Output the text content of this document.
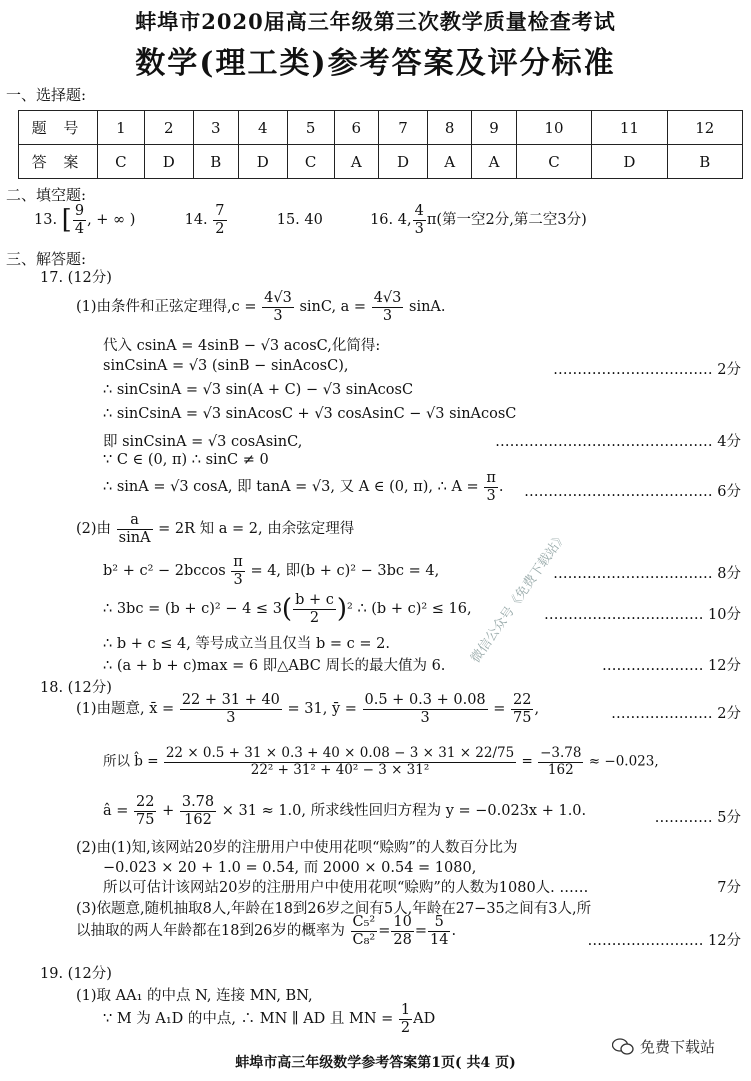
蚌埠市2020届高三年级第三次教学质量检查考试
数学(理工类)参考答案及评分标准
一、选择题:
题 号	1	2	3	4	5	6	7	8	9	10	11	12
答 案	C	D	B	D	C	A	D	A	A	C	D	B
二、填空题:
13. [ $\frac{9}{4}$ , + ∞ )	14. $\frac{7}{2}$	15. 40	16. 4, $\frac{4}{3} \pi$(第一空2分,第二空3分)
三、解答题:
17. (12分)
(1)由条件和正弦定理得$,c = \frac{4√3}{3} \sin C$, $a = \frac{4√3}{3} \sin A$.
代入 csinA = 4sinB − √3 acosC,化简得:
sinCsinA = √3 (sinB − sinAcosC),	…………………………… 2分
∴ sinCsinA = √3 sin(A + C) − √3 sinAcosC
∴ sinCsinA = √3 sinAcosC + √3 cosAsinC − √3 sinAcosC
即 sinCsinA = √3 cosAsinC,	……………………………………… 4分
∵ C ∈ (0, π) ∴ sinC ≠ 0
∴ sinA = √3 cosA, 即 tanA = √3, 又 A ∈ (0, π), ∴ $A = \frac{\pi}{3}$ . ………………………………… 6分
(2)由 $\frac{a}{\sin A} = 2R$ 知 a = 2, 由余弦定理得
$b^2 + c^2 - 2bccos \frac{\pi}{3} = 4$, 即(b + c)² − 3bc = 4,	…………………………… 8分
∴ $3bc = (b + c)^2 - 4 \le 3( \frac{b + c}{2} )^2$ ∴ (b + c)² ≤ 16,	…………………………… 10分
∴ b + c ≤ 4, 等号成立当且仅当 b = c = 2.
∴ (a + b + c)max = 6 即△ABC 周长的最大值为 6.	………………… 12分
18. (12分)
(1)由题意, x̄ = $\frac{22 + 31 + 40}{3} = 31$, ȳ = $\frac{0.5 + 0.3 + 0.08}{3} = \frac{22}{75}$ ,	………………… 2分
所以 b̂ = $\frac{22 \times 0.5 + 31 \times 0.3 + 40 \times 0.08 - 3 \times 31 \times 22/75}{\text{22² + 31² + 40² − 3 × 31²}} = \frac{-3.78}{162} \approx -0.023$,
â = $\frac{22}{75} + \frac{3.78}{162} \times 31 \approx 1.0$, 所求线性回归方程为 y = −0.023x + 1.0.	………… 5分
(2)由(1)知,该网站20岁的注册用户中使用花呗“赊购”的人数百分比为
−0.023 × 20 + 1.0 = 0.54, 而 2000 × 0.54 = 1080,
所以可估计该网站20岁的注册用户中使用花呗“赊购”的人数为1080人. ……	7分
(3)依题意,随机抽取8人,年龄在18到26岁之间有5人,年龄在27−35之间有3人,所
以抽取的两人年龄都在18到26岁的概率为 $\frac{\text{C₅²}}{\text{C₈²}} = \frac{10}{28} = \frac{5}{14}$ .
…………………… 12分
19. (12分)
(1)取 AA₁ 的中点 N, 连接 MN, BN,
∵ M 为 A₁D 的中点, ∴ MN ∥ AD 且 MN = $\frac{1}{2}$ AD
微信公众号《免费下载站》
免费下载站
蚌埠市高三年级数学参考答案第1页( 共4 页)
